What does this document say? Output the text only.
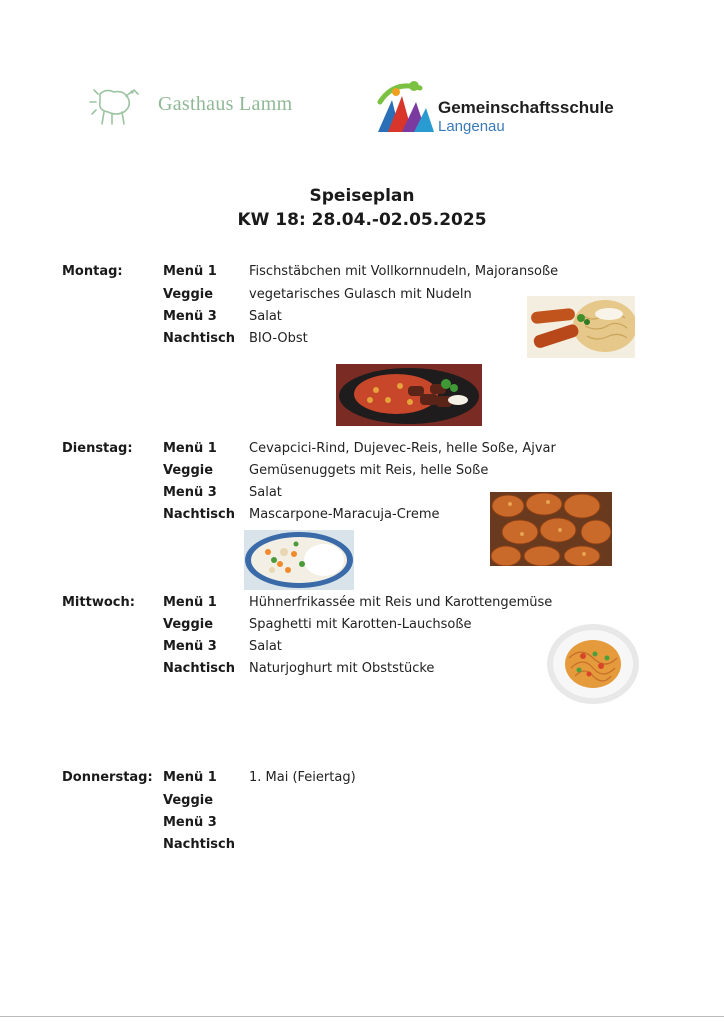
Gasthaus Lamm	Gemeinschaftsschule
Langenau
Speiseplan
KW 18: 28.04.-02.05.2025
Montag:	Menü 1 Fischstäbchen mit Vollkornnudeln, Majoransoße
Veggie	vegetarisches Gulasch mit Nudeln
Menü 3 Salat
Nachtisch BIO-Obst
Dienstag: Menü 1 Cevapcici-Rind, Dujevec-Reis, helle Soße, Ajvar
Veggie	Gemüsenuggets mit Reis, helle Soße
Menü 3 Salat
Nachtisch Mascarpone-Maracuja-Creme
Mittwoch: Menü 1 Hühnerfrikassée mit Reis und Karottengemüse
Veggie	Spaghetti mit Karotten-Lauchsoße
Menü 3 Salat
Nachtisch Naturjoghurt mit Obststücke
Donnerstag: Menü 1 1. Mai (Feiertag)
Veggie
Menü 3
Nachtisch
